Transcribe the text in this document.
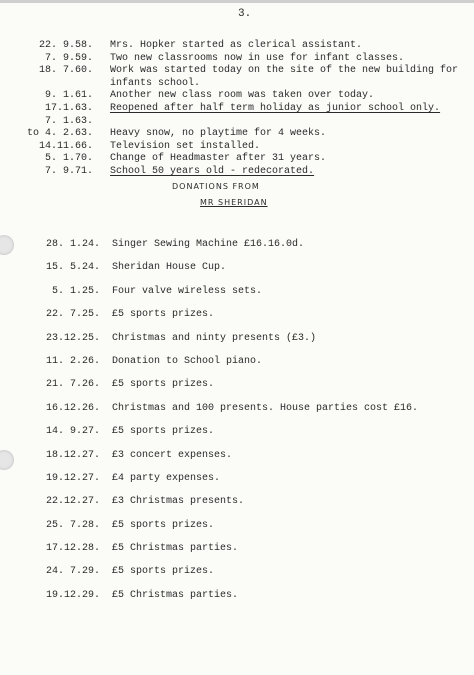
3.
22. 9.58. Mrs. Hopker started as clerical assistant.
7. 9.59. Two new classrooms now in use for infant classes.
18. 7.60. Work was started today on the site of the new building for
infants school.
9. 1.61. Another new class room was taken over today.
17.1.63. Reopened after half term holiday as junior school only.
7. 1.63.
to 4. 2.63. Heavy snow, no playtime for 4 weeks.
14.11.66. Television set installed.
5. 1.70. Change of Headmaster after 31 years.
7. 9.71. School 50 years old - redecorated.
DONATIONS FROM
MR SHERIDAN
28. 1.24. Singer Sewing Machine £16.16.0d.
15. 5.24. Sheridan House Cup.
5. 1.25. Four valve wireless sets.
22. 7.25. £5 sports prizes.
23.12.25. Christmas and ninty presents (£3.)
11. 2.26. Donation to School piano.
21. 7.26. £5 sports prizes.
16.12.26. Christmas and 100 presents. House parties cost £16.
14. 9.27. £5 sports prizes.
18.12.27. £3 concert expenses.
19.12.27. £4 party expenses.
22.12.27. £3 Christmas presents.
25. 7.28. £5 sports prizes.
17.12.28. £5 Christmas parties.
24. 7.29. £5 sports prizes.
19.12.29. £5 Christmas parties.
